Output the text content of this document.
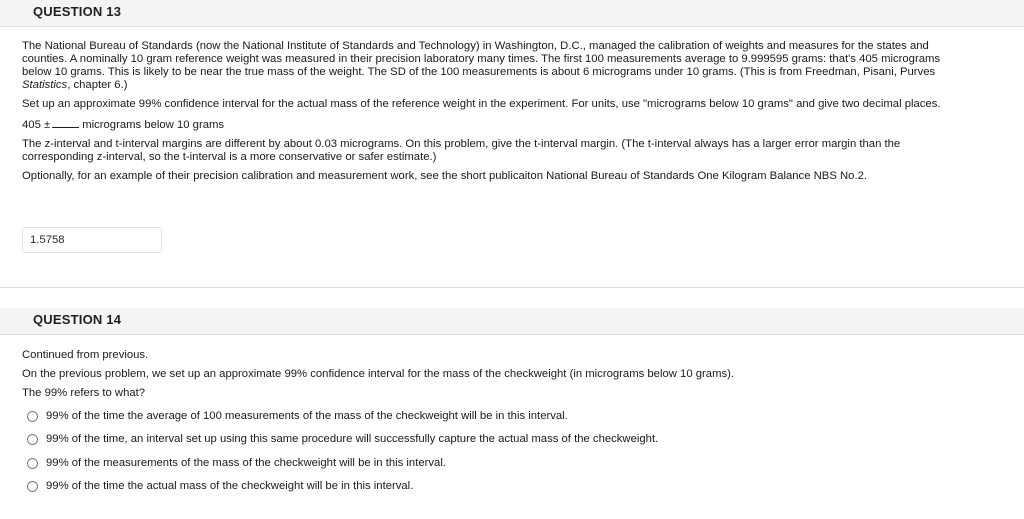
QUESTION 13

The National Bureau of Standards (now the National Institute of Standards and Technology) in Washington, D.C., managed the calibration of weights and measures for the states and counties. A nominally 10 gram reference weight was measured in their precision laboratory many times. The first 100 measurements average to 9.999595 grams: that's 405 micrograms below 10 grams. This is likely to be near the true mass of the weight. The SD of the 100 measurements is about 6 micrograms under 10 grams. (This is from Freedman, Pisani, Purves Statistics, chapter 6.)

Set up an approximate 99% confidence interval for the actual mass of the reference weight in the experiment. For units, use "micrograms below 10 grams" and give two decimal places.

405 ±	micrograms below 10 grams

The z-interval and t-interval margins are different by about 0.03 micrograms. On this problem, give the t-interval margin. (The t-interval always has a larger error margin than the corresponding z-interval, so the t-interval is a more conservative or safer estimate.)

Optionally, for an example of their precision calibration and measurement work, see the short publicaiton National Bureau of Standards One Kilogram Balance NBS No.2.

1.5758
QUESTION 14

Continued from previous.

On the previous problem, we set up an approximate 99% confidence interval for the mass of the checkweight (in micrograms below 10 grams).

The 99% refers to what?

99% of the time the average of 100 measurements of the mass of the checkweight will be in this interval.
99% of the time, an interval set up using this same procedure will successfully capture the actual mass of the checkweight.
99% of the measurements of the mass of the checkweight will be in this interval.
99% of the time the actual mass of the checkweight will be in this interval.
